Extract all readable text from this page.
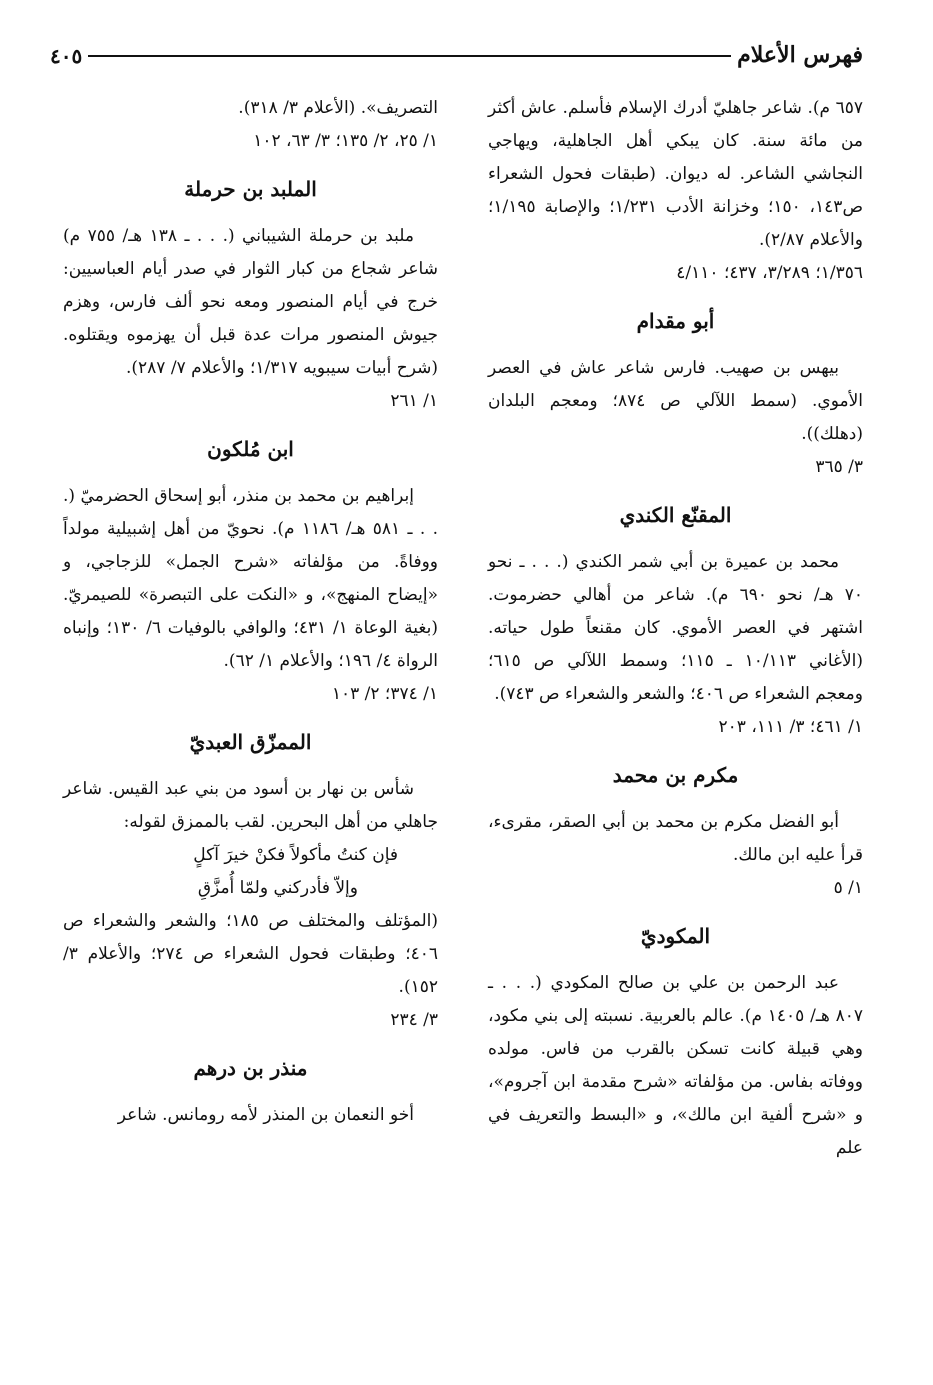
فهرس الأعلام
٤٠٥

٦٥٧ م). شاعر جاهليّ أدرك الإسلام فأسلم. عاش أكثر من مائة سنة. كان يبكي أهل الجاهلية، ويهاجي النجاشي الشاعر. له ديوان. (طبقات فحول الشعراء ص١٤٣، ١٥٠؛ وخزانة الأدب ١/٢٣١؛ والإصابة ١/١٩٥؛ والأعلام ٢/٨٧).

١/٣٥٦؛ ٣/٢٨٩، ٤٣٧؛ ٤/١١٠

أبو مقدام

بيهس بن صهيب. فارس شاعر عاش في العصر الأموي. (سمط اللآلي ص ٨٧٤؛ ومعجم البلدان (دهلك)).

٣/ ٣٦٥

المقنّع الكندي

محمد بن عميرة بن أبي شمر الكندي (. . . ـ نحو ٧٠ هـ/ نحو ٦٩٠ م). شاعر من أهالي حضرموت. اشتهر في العصر الأموي. كان مقنعاً طول حياته. (الأغاني ١٠/١١٣ ـ ١١٥؛ وسمط اللآلي ص ٦١٥؛ ومعجم الشعراء ص ٤٠٦؛ والشعر والشعراء ص ٧٤٣).

١/ ٤٦١؛ ٣/ ١١١، ٢٠٣

مكرم بن محمد

أبو الفضل مكرم بن محمد بن أبي الصقر، مقرىء، قرأ عليه ابن مالك.

١/ ٥

المكوديّ

عبد الرحمن بن علي بن صالح المكودي (. . . ـ ٨٠٧ هـ/ ١٤٠٥ م). عالم بالعربية. نسبته إلى بني مكود، وهي قبيلة كانت تسكن بالقرب من فاس. مولده ووفاته بفاس. من مؤلفاته «شرح مقدمة ابن آجروم»، و «شرح ألفية ابن مالك»، و «البسط والتعريف في علم

التصريف». (الأعلام ٣/ ٣١٨).

١/ ٢٥، ٢/ ١٣٥؛ ٣/ ٦٣، ١٠٢

الملبد بن حرملة

ملبد بن حرملة الشيباني (. . . ـ ١٣٨ هـ/ ٧٥٥ م) شاعر شجاع من كبار الثوار في صدر أيام العباسيين: خرج في أيام المنصور ومعه نحو ألف فارس، وهزم جيوش المنصور مرات عدة قبل أن يهزموه ويقتلوه. (شرح أبيات سيبويه ١/٣١٧؛ والأعلام ٧/ ٢٨٧).

١/ ٢٦١

ابن مُلكون

إبراهيم بن محمد بن منذر، أبو إسحاق الحضرميّ (. . . ـ ٥٨١ هـ/ ١١٨٦ م). نحويّ من أهل إشبيلية مولداً ووفاةً. من مؤلفاته «شرح الجمل» للزجاجي، و «إيضاح المنهج»، و «النكت على التبصرة» للصيمريّ. (بغية الوعاة ١/ ٤٣١؛ والوافي بالوفيات ٦/ ١٣٠؛ وإنباه الرواة ٤/ ١٩٦؛ والأعلام ١/ ٦٢).

١/ ٣٧٤؛ ٢/ ١٠٣

الممزّق العبديّ

شأس بن نهار بن أسود من بني عبد القيس. شاعر جاهلي من أهل البحرين. لقب بالممزق لقوله:

فإن كنتُ مأكولاً فكنْ خيرَ آكلٍ

وإلاّ فأدركني ولمّا أُمزَّقِ

(المؤتلف والمختلف ص ١٨٥؛ والشعر والشعراء ص ٤٠٦؛ وطبقات فحول الشعراء ص ٢٧٤؛ والأعلام ٣/ ١٥٢).

٣/ ٢٣٤

منذر بن درهم

أخو النعمان بن المنذر لأمه رومانس. شاعر
